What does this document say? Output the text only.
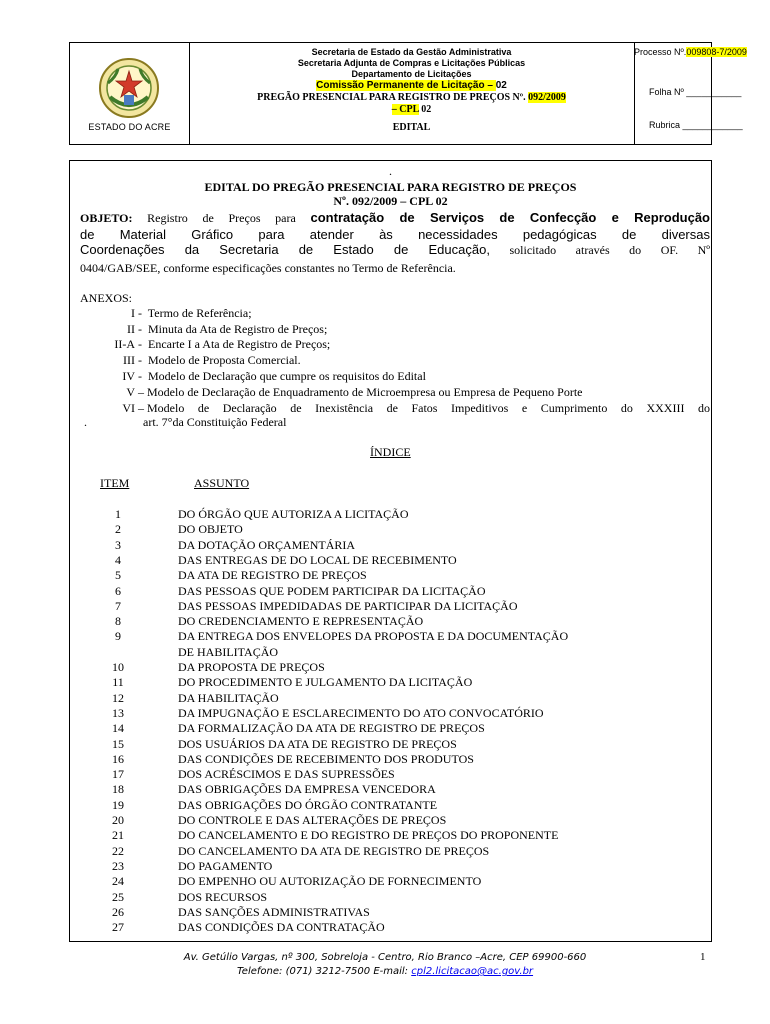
ESTADO DO ACRE
Secretaria de Estado da Gestão Administrativa
Secretaria Adjunta de Compras e Licitações Públicas
Departamento de Licitações
Comissão Permanente de Licitação – 02
PREGÃO PRESENCIAL PARA REGISTRO DE PREÇOS Nº. 092/2009
– CPL 02
EDITAL
Processo Nº.009808-7/2009
Folha Nº ___________
Rubrica ____________
.
EDITAL DO PREGÃO PRESENCIAL PARA REGISTRO DE PREÇOS
Nº. 092/2009 – CPL 02
OBJETO: Registro de Preços para contratação de Serviços de Confecção e Reprodução
de Material Gráfico para atender às necessidades pedagógicas de diversas
Coordenações da Secretaria de Estado de Educação, solicitado através do OF. Nº
0404/GAB/SEE, conforme especificações constantes no Termo de Referência.
ANEXOS:
I -  Termo de Referência;
II -  Minuta da Ata de Registro de Preços;
II-A -  Encarte I a Ata de Registro de Preços;
III -  Modelo de Proposta Comercial.
IV -  Modelo de Declaração que cumpre os requisitos do Edital
V – Modelo de Declaração de Enquadramento de Microempresa ou Empresa de Pequeno Porte
VI – Modelo de Declaração de Inexistência de Fatos Impeditivos e Cumprimento do XXXIII do
.	art. 7°da Constituição Federal
ÍNDICE
ITEM	ASSUNTO
1	DO ÓRGÃO QUE AUTORIZA A LICITAÇÃO
2	DO OBJETO
3	DA DOTAÇÃO ORÇAMENTÁRIA
4	DAS ENTREGAS DE DO LOCAL DE RECEBIMENTO
5	DA ATA DE REGISTRO DE PREÇOS
6	DAS PESSOAS QUE PODEM PARTICIPAR DA LICITAÇÃO
7	DAS PESSOAS IMPEDIDADAS DE PARTICIPAR DA LICITAÇÃO
8	DO CREDENCIAMENTO E REPRESENTAÇÃO
9	DA ENTREGA DOS ENVELOPES DA PROPOSTA E DA DOCUMENTAÇÃO
DE HABILITAÇÃO
10	DA PROPOSTA DE PREÇOS
11	DO PROCEDIMENTO E JULGAMENTO DA LICITAÇÃO
12	DA HABILITAÇÃO
13	DA IMPUGNAÇÃO E ESCLARECIMENTO DO ATO CONVOCATÓRIO
14	DA FORMALIZAÇÃO DA ATA DE REGISTRO DE PREÇOS
15	DOS USUÁRIOS DA ATA DE REGISTRO DE PREÇOS
16	DAS CONDIÇÕES DE RECEBIMENTO DOS PRODUTOS
17	DOS ACRÉSCIMOS E DAS SUPRESSÕES
18	DAS OBRIGAÇÕES DA EMPRESA VENCEDORA
19	DAS OBRIGAÇÕES DO ÓRGÃO CONTRATANTE
20	DO CONTROLE E DAS ALTERAÇÕES DE PREÇOS
21	DO CANCELAMENTO E DO REGISTRO DE PREÇOS DO PROPONENTE
22	DO CANCELAMENTO DA ATA DE REGISTRO DE PREÇOS
23	DO PAGAMENTO
24	DO EMPENHO OU AUTORIZAÇÃO DE FORNECIMENTO
25	DOS RECURSOS
26	DAS SANÇÕES ADMINISTRATIVAS
27	DAS CONDIÇÕES DA CONTRATAÇÃO
Av. Getúlio Vargas, nº 300, Sobreloja - Centro, Rio Branco –Acre, CEP 69900-660
Telefone: (071) 3212-7500 E-mail: cpl2.licitacao@ac.gov.br
1
